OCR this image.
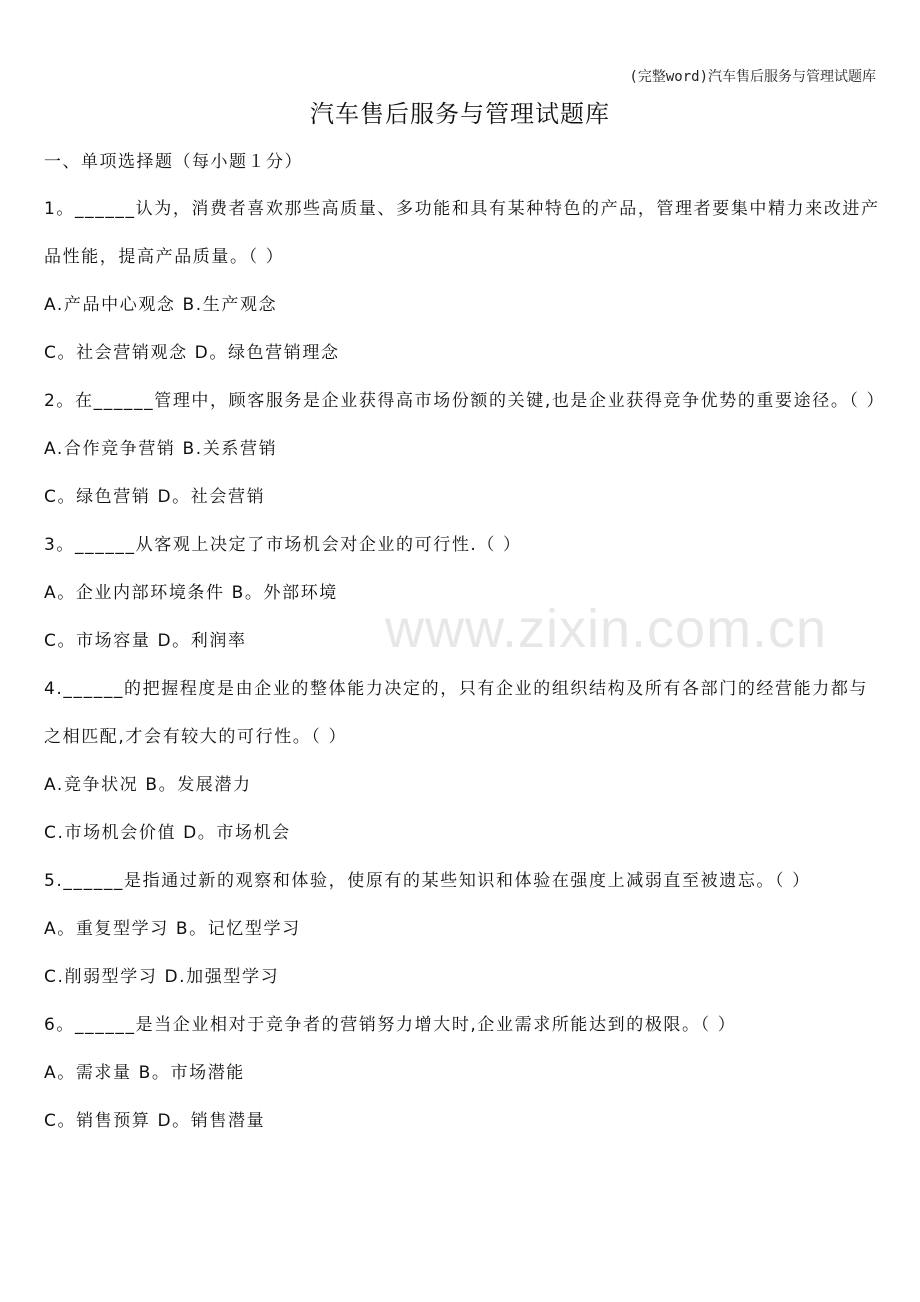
(完整word)汽车售后服务与管理试题库
汽车售后服务与管理试题库
一、单项选择题（每小题１分）

1。______认为，消费者喜欢那些高质量、多功能和具有某种特色的产品，管理者要集中精力来改进产品性能，提高产品质量。（ ）

A.产品中心观念 B.生产观念

C。社会营销观念 D。绿色营销理念

2。在______管理中，顾客服务是企业获得高市场份额的关键,也是企业获得竞争优势的重要途径。（ ）

A.合作竞争营销 B.关系营销

C。绿色营销 D。社会营销

3。______从客观上决定了市场机会对企业的可行性.（ ）

A。企业内部环境条件 B。外部环境

C。市场容量 D。利润率

4.______的把握程度是由企业的整体能力决定的，只有企业的组织结构及所有各部门的经营能力都与之相匹配,才会有较大的可行性。（ ）

A.竞争状况 B。发展潜力

C.市场机会价值 D。市场机会

5.______是指通过新的观察和体验，使原有的某些知识和体验在强度上减弱直至被遗忘。（ ）

A。重复型学习 B。记忆型学习

C.削弱型学习 D.加强型学习

6。______是当企业相对于竞争者的营销努力增大时,企业需求所能达到的极限。（ ）

A。需求量 B。市场潜能

C。销售预算 D。销售潜量

www.zixin.com.cn
